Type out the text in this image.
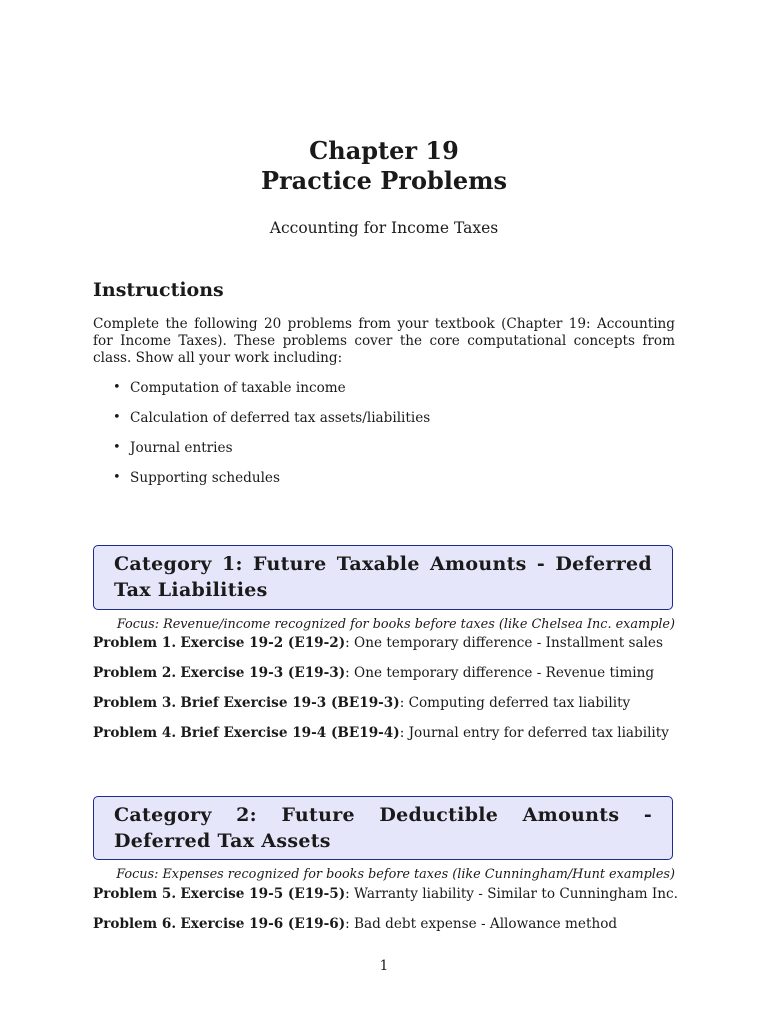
Chapter 19
Practice Problems
Accounting for Income Taxes
Instructions
Complete the following 20 problems from your textbook (Chapter 19: Accounting for Income Taxes). These problems cover the core computational concepts from class. Show all your work including:
• Computation of taxable income
• Calculation of deferred tax assets/liabilities
• Journal entries
• Supporting schedules
Category 1: Future Taxable Amounts - Deferred Tax Liabilities
Focus: Revenue/income recognized for books before taxes (like Chelsea Inc. example)
Problem 1. Exercise 19-2 (E19-2): One temporary difference - Installment sales
Problem 2. Exercise 19-3 (E19-3): One temporary difference - Revenue timing
Problem 3. Brief Exercise 19-3 (BE19-3): Computing deferred tax liability
Problem 4. Brief Exercise 19-4 (BE19-4): Journal entry for deferred tax liability
Category 2: Future Deductible Amounts - Deferred Tax Assets
Focus: Expenses recognized for books before taxes (like Cunningham/Hunt examples)
Problem 5. Exercise 19-5 (E19-5): Warranty liability - Similar to Cunningham Inc.
Problem 6. Exercise 19-6 (E19-6): Bad debt expense - Allowance method
1
